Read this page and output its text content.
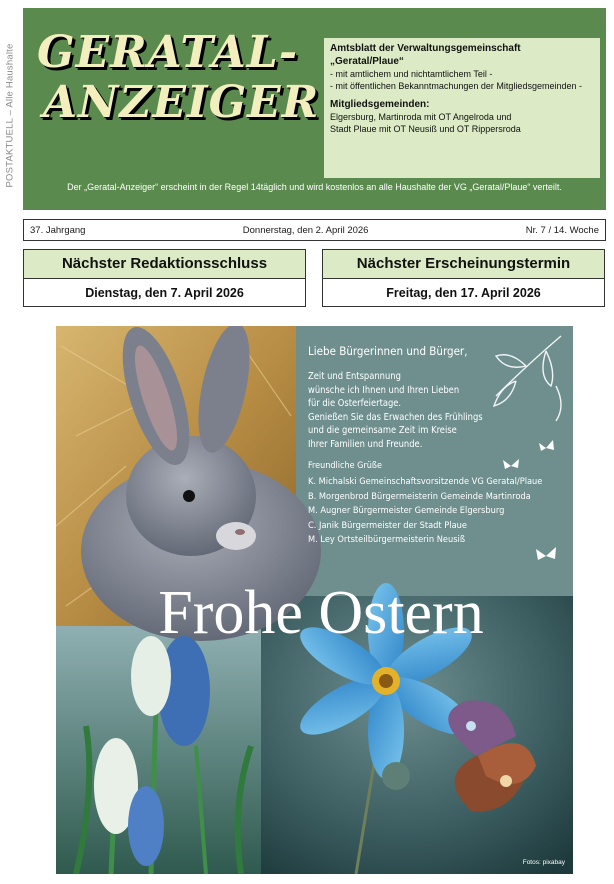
POSTAKTUELL – Alle Haushalte GERATAL-
ANZEIGER
Amtsblatt der Verwaltungsgemeinschaft
„Geratal/Plaue“
- mit amtlichem und nichtamtlichem Teil -
- mit öffentlichen Bekanntmachungen der Mitgliedsgemeinden -
Mitgliedsgemeinden:
Elgersburg, Martinroda mit OT Angelroda und
Stadt Plaue mit OT Neusiß und OT Rippersroda
Der „Geratal-Anzeiger“ erscheint in der Regel 14täglich und wird kostenlos an alle Haushalte der VG „Geratal/Plaue“ verteilt.
37. Jahrgang	Donnerstag, den 2. April 2026	Nr. 7 / 14. Woche
Nächster Redaktionsschluss
Dienstag, den 7. April 2026
Nächster Erscheinungstermin
Freitag, den 17. April 2026
Liebe Bürgerinnen und Bürger,

Zeit und Entspannung

wünsche ich Ihnen und Ihren Lieben

für die Osterfeiertage.

Genießen Sie das Erwachen des Frühlings

und die gemeinsame Zeit im Kreise

Ihrer Familien und Freunde.

Freundliche Grüße

K. Michalski Gemeinschaftsvorsitzende VG Geratal/Plaue

B. Morgenbrod Bürgermeisterin Gemeinde Martinroda

M. Augner Bürgermeister Gemeinde Elgersburg

C. Janik Bürgermeister der Stadt Plaue

M. Ley Ortsteilbürgermeisterin Neusiß

Frohe Ostern
Fotos: pixabay
